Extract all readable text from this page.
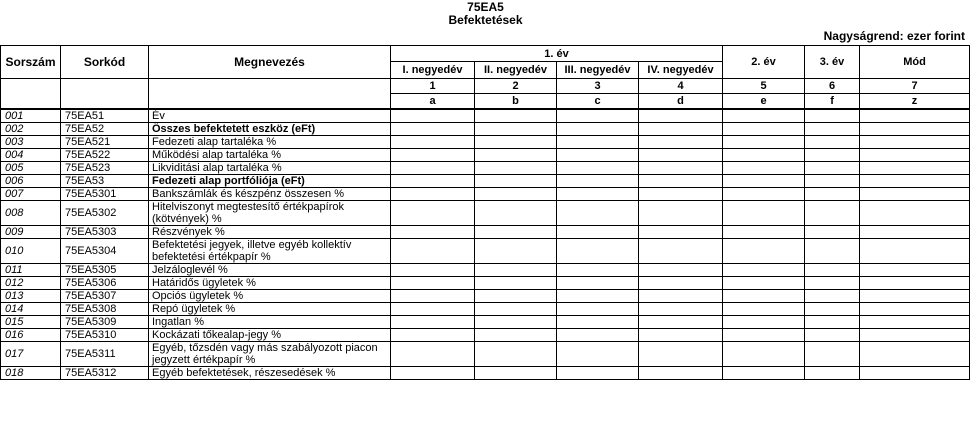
75EA5
Befektetések
Nagyságrend: ezer forint
Sorszám	Sorkód	Megnevezés	1. év				2. év	3. év	Mód
			I. negyedév	II. negyedév	III. negyedév	IV. negyedév			
			1	2	3	4	5	6	7
			a	b	c	d	e	f	z
001	75EA51	Év							
002	75EA52	Összes befektetett eszköz (eFt)							
003	75EA521	Fedezeti alap tartaléka %							
004	75EA522	Működési alap tartaléka %							
005	75EA523	Likviditási alap tartaléka %							
006	75EA53	Fedezeti alap portfóliója (eFt)							
007	75EA5301	Bankszámlák és készpénz összesen %							
008	75EA5302	Hitelviszonyt megtestesítő értékpapírok (kötvények) %							
009	75EA5303	Részvények %							
010	75EA5304	Befektetési jegyek, illetve egyéb kollektív befektetési értékpapír %							
011	75EA5305	Jelzáloglevél %							
012	75EA5306	Határidős ügyletek %							
013	75EA5307	Opciós ügyletek %							
014	75EA5308	Repó ügyletek %							
015	75EA5309	Ingatlan %							
016	75EA5310	Kockázati tőkealap-jegy %							
017	75EA5311	Egyéb, tőzsdén vagy más szabályozott piacon jegyzett értékpapír %							
018	75EA5312	Egyéb befektetések, részesedések %							
